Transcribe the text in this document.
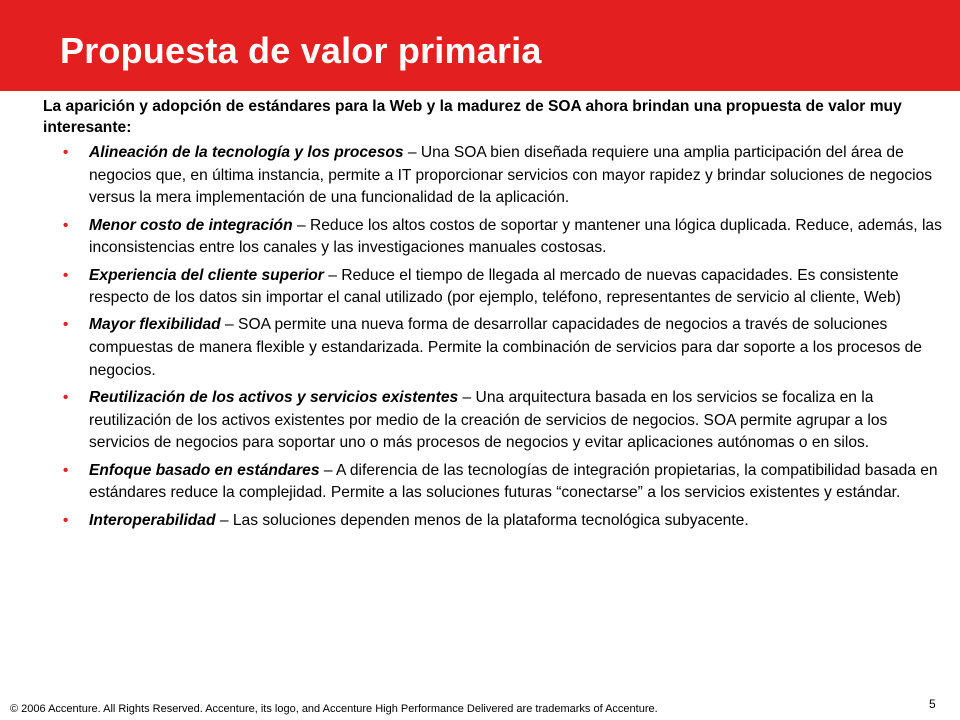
Propuesta de valor primaria

La aparición y adopción de estándares para la Web y la madurez de SOA ahora brindan una propuesta de valor muy interesante:

• Alineación de la tecnología y los procesos – Una SOA bien diseñada requiere una amplia participación del área de negocios que, en última instancia, permite a IT proporcionar servicios con mayor rapidez y brindar soluciones de negocios versus la mera implementación de una funcionalidad de la aplicación.
• Menor costo de integración – Reduce los altos costos de soportar y mantener una lógica duplicada. Reduce, además, las inconsistencias entre los canales y las investigaciones manuales costosas.
• Experiencia del cliente superior – Reduce el tiempo de llegada al mercado de nuevas capacidades. Es consistente respecto de los datos sin importar el canal utilizado (por ejemplo, teléfono, representantes de servicio al cliente, Web)
• Mayor flexibilidad – SOA permite una nueva forma de desarrollar capacidades de negocios a través de soluciones compuestas de manera flexible y estandarizada. Permite la combinación de servicios para dar soporte a los procesos de negocios.
• Reutilización de los activos y servicios existentes – Una arquitectura basada en los servicios se focaliza en la reutilización de los activos existentes por medio de la creación de servicios de negocios. SOA permite agrupar a los servicios de negocios para soportar uno o más procesos de negocios y evitar aplicaciones autónomas o en silos.
• Enfoque basado en estándares – A diferencia de las tecnologías de integración propietarias, la compatibilidad basada en estándares reduce la complejidad. Permite a las soluciones futuras “conectarse” a los servicios existentes y estándar.
• Interoperabilidad – Las soluciones dependen menos de la plataforma tecnológica subyacente.
© 2006 Accenture. All Rights Reserved. Accenture, its logo, and Accenture High Performance Delivered are trademarks of Accenture.	5
